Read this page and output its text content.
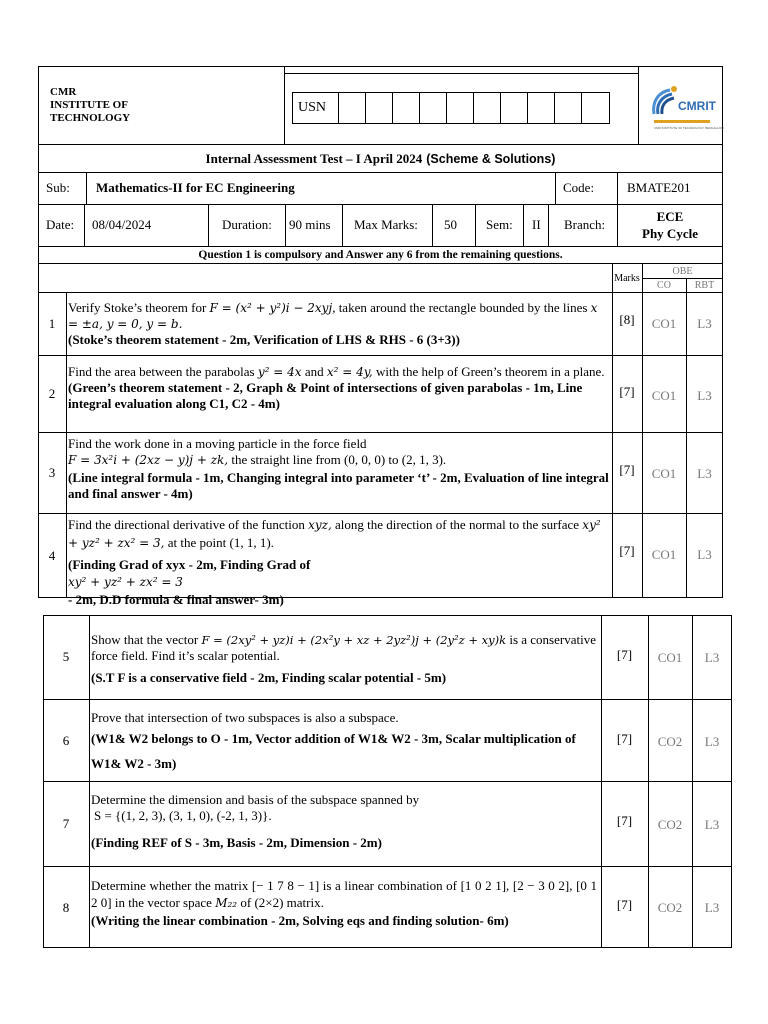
CMR
INSTITUTE OF
TECHNOLOGY
USN	CMRIT
CMR INSTITUTE OF TECHNOLOGY, BENGALURU
Internal Assessment Test – I April 2024 (Scheme & Solutions)
Sub: Mathematics-II for EC Engineering	Code:	BMATE201
Date: 08/04/2024	Duration: 90 mins Max Marks: 50 Sem: II Branch:
ECE
Phy Cycle
Question 1 is compulsory and Answer any 6 from the remaining questions.
Marks
OBE
CO	RBT
1
Verify Stoke’s theorem for F = (x² + y²)i − 2xyj, taken around the rectangle bounded by the lines x = ±a, y = 0, y = b.
(Stoke’s theorem statement - 2m, Verification of LHS & RHS - 6 (3+3))
[8]	CO1	L3
2
Find the area between the parabolas y² = 4x and x² = 4y, with the help of Green’s theorem in a plane.
(Green’s theorem statement - 2, Graph & Point of intersections of given parabolas - 1m, Line integral evaluation along C1, C2 - 4m)
[7]	CO1	L3
3
Find the work done in a moving particle in the force field
F = 3x²i + (2xz − y)j + zk, the straight line from (0, 0, 0) to (2, 1, 3).
(Line integral formula - 1m, Changing integral into parameter ‘t’ - 2m, Evaluation of line integral and final answer - 4m)
[7]	CO1	L3
4
Find the directional derivative of the function xyz, along the direction of the normal to the surface xy² + yz² + zx² = 3, at the point (1, 1, 1).
(Finding Grad of xyx - 2m, Finding Grad of
xy² + yz² + zx² = 3
- 2m, D.D formula & final answer- 3m)
[7]	CO1	L3
5
Show that the vector F = (2xy² + yz)i + (2x²y + xz + 2yz²)j + (2y²z + xy)k is a conservative force field. Find it’s scalar potential.
(S.T F is a conservative field - 2m, Finding scalar potential - 5m)
[7]	CO1	L3
6
Prove that intersection of two subspaces is also a subspace.
(W1& W2 belongs to O - 1m, Vector addition of W1& W2 - 3m, Scalar multiplication of W1& W2 - 3m)
[7]	CO2	L3
7
Determine the dimension and basis of the subspace spanned by
S = {(1, 2, 3), (3, 1, 0), (-2, 1, 3)}.
(Finding REF of S - 3m, Basis - 2m, Dimension - 2m)
[7]	CO2	L3
8
Determine whether the matrix [− 1 7 8 − 1] is a linear combination of [1 0 2 1], [2 − 3 0 2], [0 1 2 0] in the vector space M₂₂ of (2×2) matrix.
(Writing the linear combination - 2m, Solving eqs and finding solution- 6m)
[7]	CO2	L3
